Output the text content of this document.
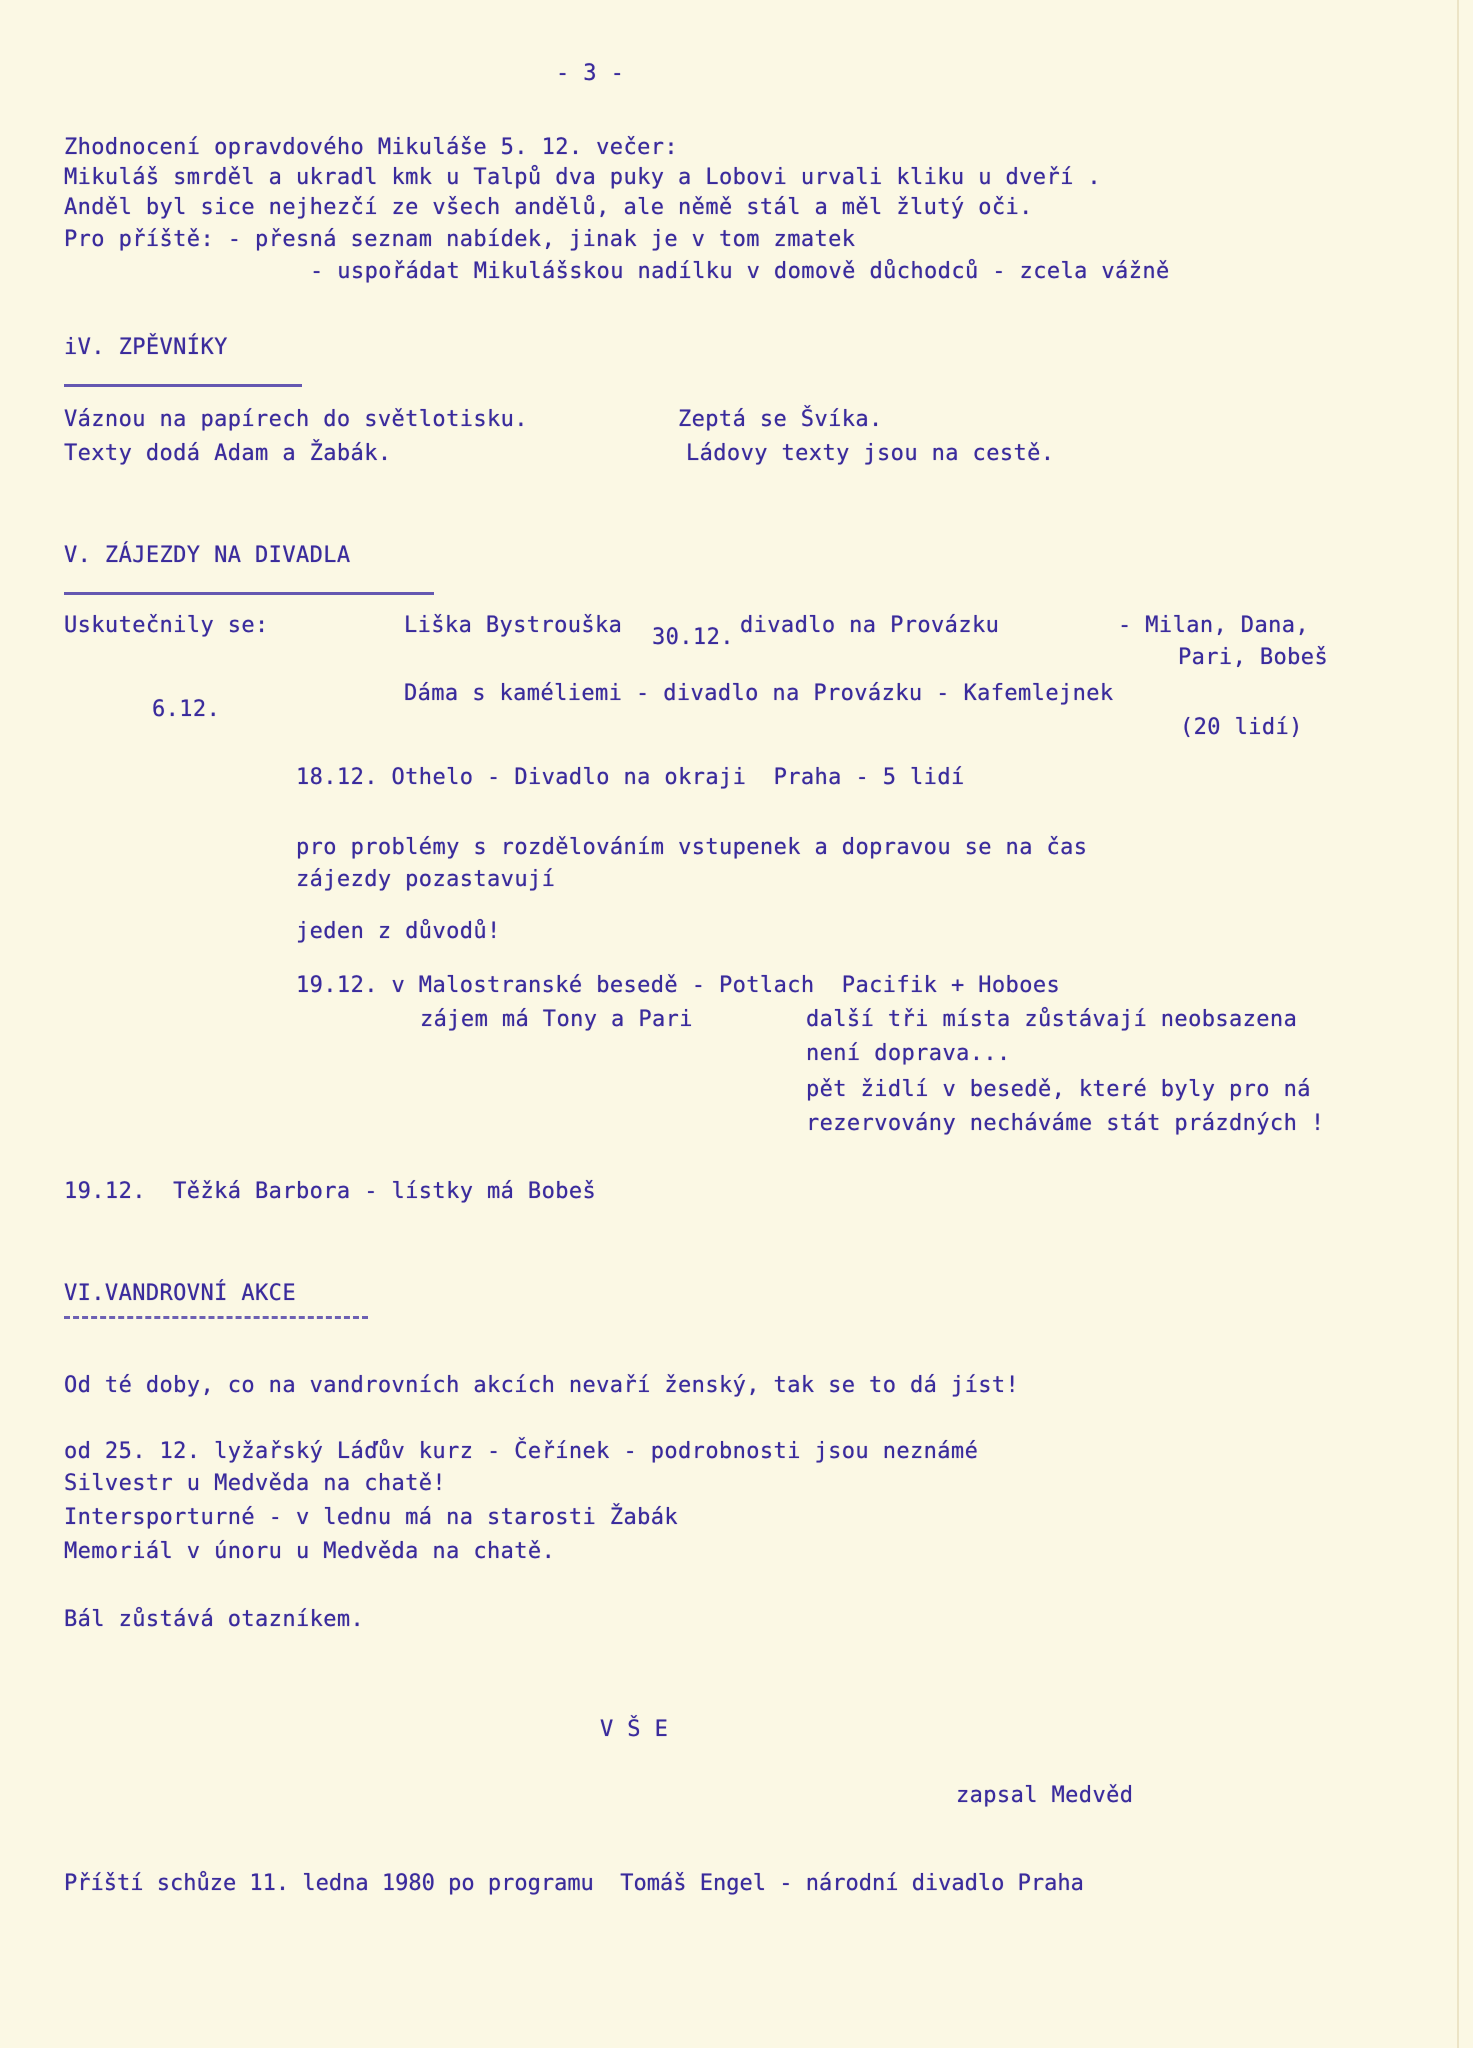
- 3 -
Zhodnocení opravdového Mikuláše 5. 12. večer:
Mikuláš smrděl a ukradl kmk u Talpů dva puky a Lobovi urvali kliku u dveří .
Anděl byl sice nejhezčí ze všech andělů, ale němě stál a měl žlutý oči.
Pro příště: - přesná seznam nabídek, jinak je v tom zmatek
- uspořádat Mikulášskou nadílku v domově důchodců - zcela vážně
iV. ZPĚVNÍKY
Váznou na papírech do světlotisku.	Zeptá se Švíka.
Texty dodá Adam a Žabák.	Ládovy texty jsou na cestě.
V. ZÁJEZDY NA DIVADLA
Uskutečnily se:	Liška Bystrouška 30.12. divadlo na Provázku	- Milan, Dana,
Pari, Bobeš
6.12.
Dáma s kaméliemi - divadlo na Provázku - Kafemlejnek
(20 lidí)
18.12. Othelo - Divadlo na okraji  Praha - 5 lidí
pro problémy s rozdělováním vstupenek a dopravou se na čas
zájezdy pozastavují
jeden z důvodů!
19.12. v Malostranské besedě - Potlach  Pacifik + Hoboes
zájem má Tony a Pari	další tři místa zůstávají neobsazena
není doprava...
pět židlí v besedě, které byly pro ná
rezervovány necháváme stát prázdných !
19.12.  Těžká Barbora - lístky má Bobeš
VI.VANDROVNÍ AKCE
Od té doby, co na vandrovních akcích nevaří ženský, tak se to dá jíst!
od 25. 12. lyžařský Láďův kurz - Čeřínek - podrobnosti jsou neznámé
Silvestr u Medvěda na chatě!
Intersporturné - v lednu má na starosti Žabák
Memoriál v únoru u Medvěda na chatě.
Bál zůstává otazníkem.
V Š E
zapsal Medvěd
Příští schůze 11. ledna 1980 po programu  Tomáš Engel - národní divadlo Praha
